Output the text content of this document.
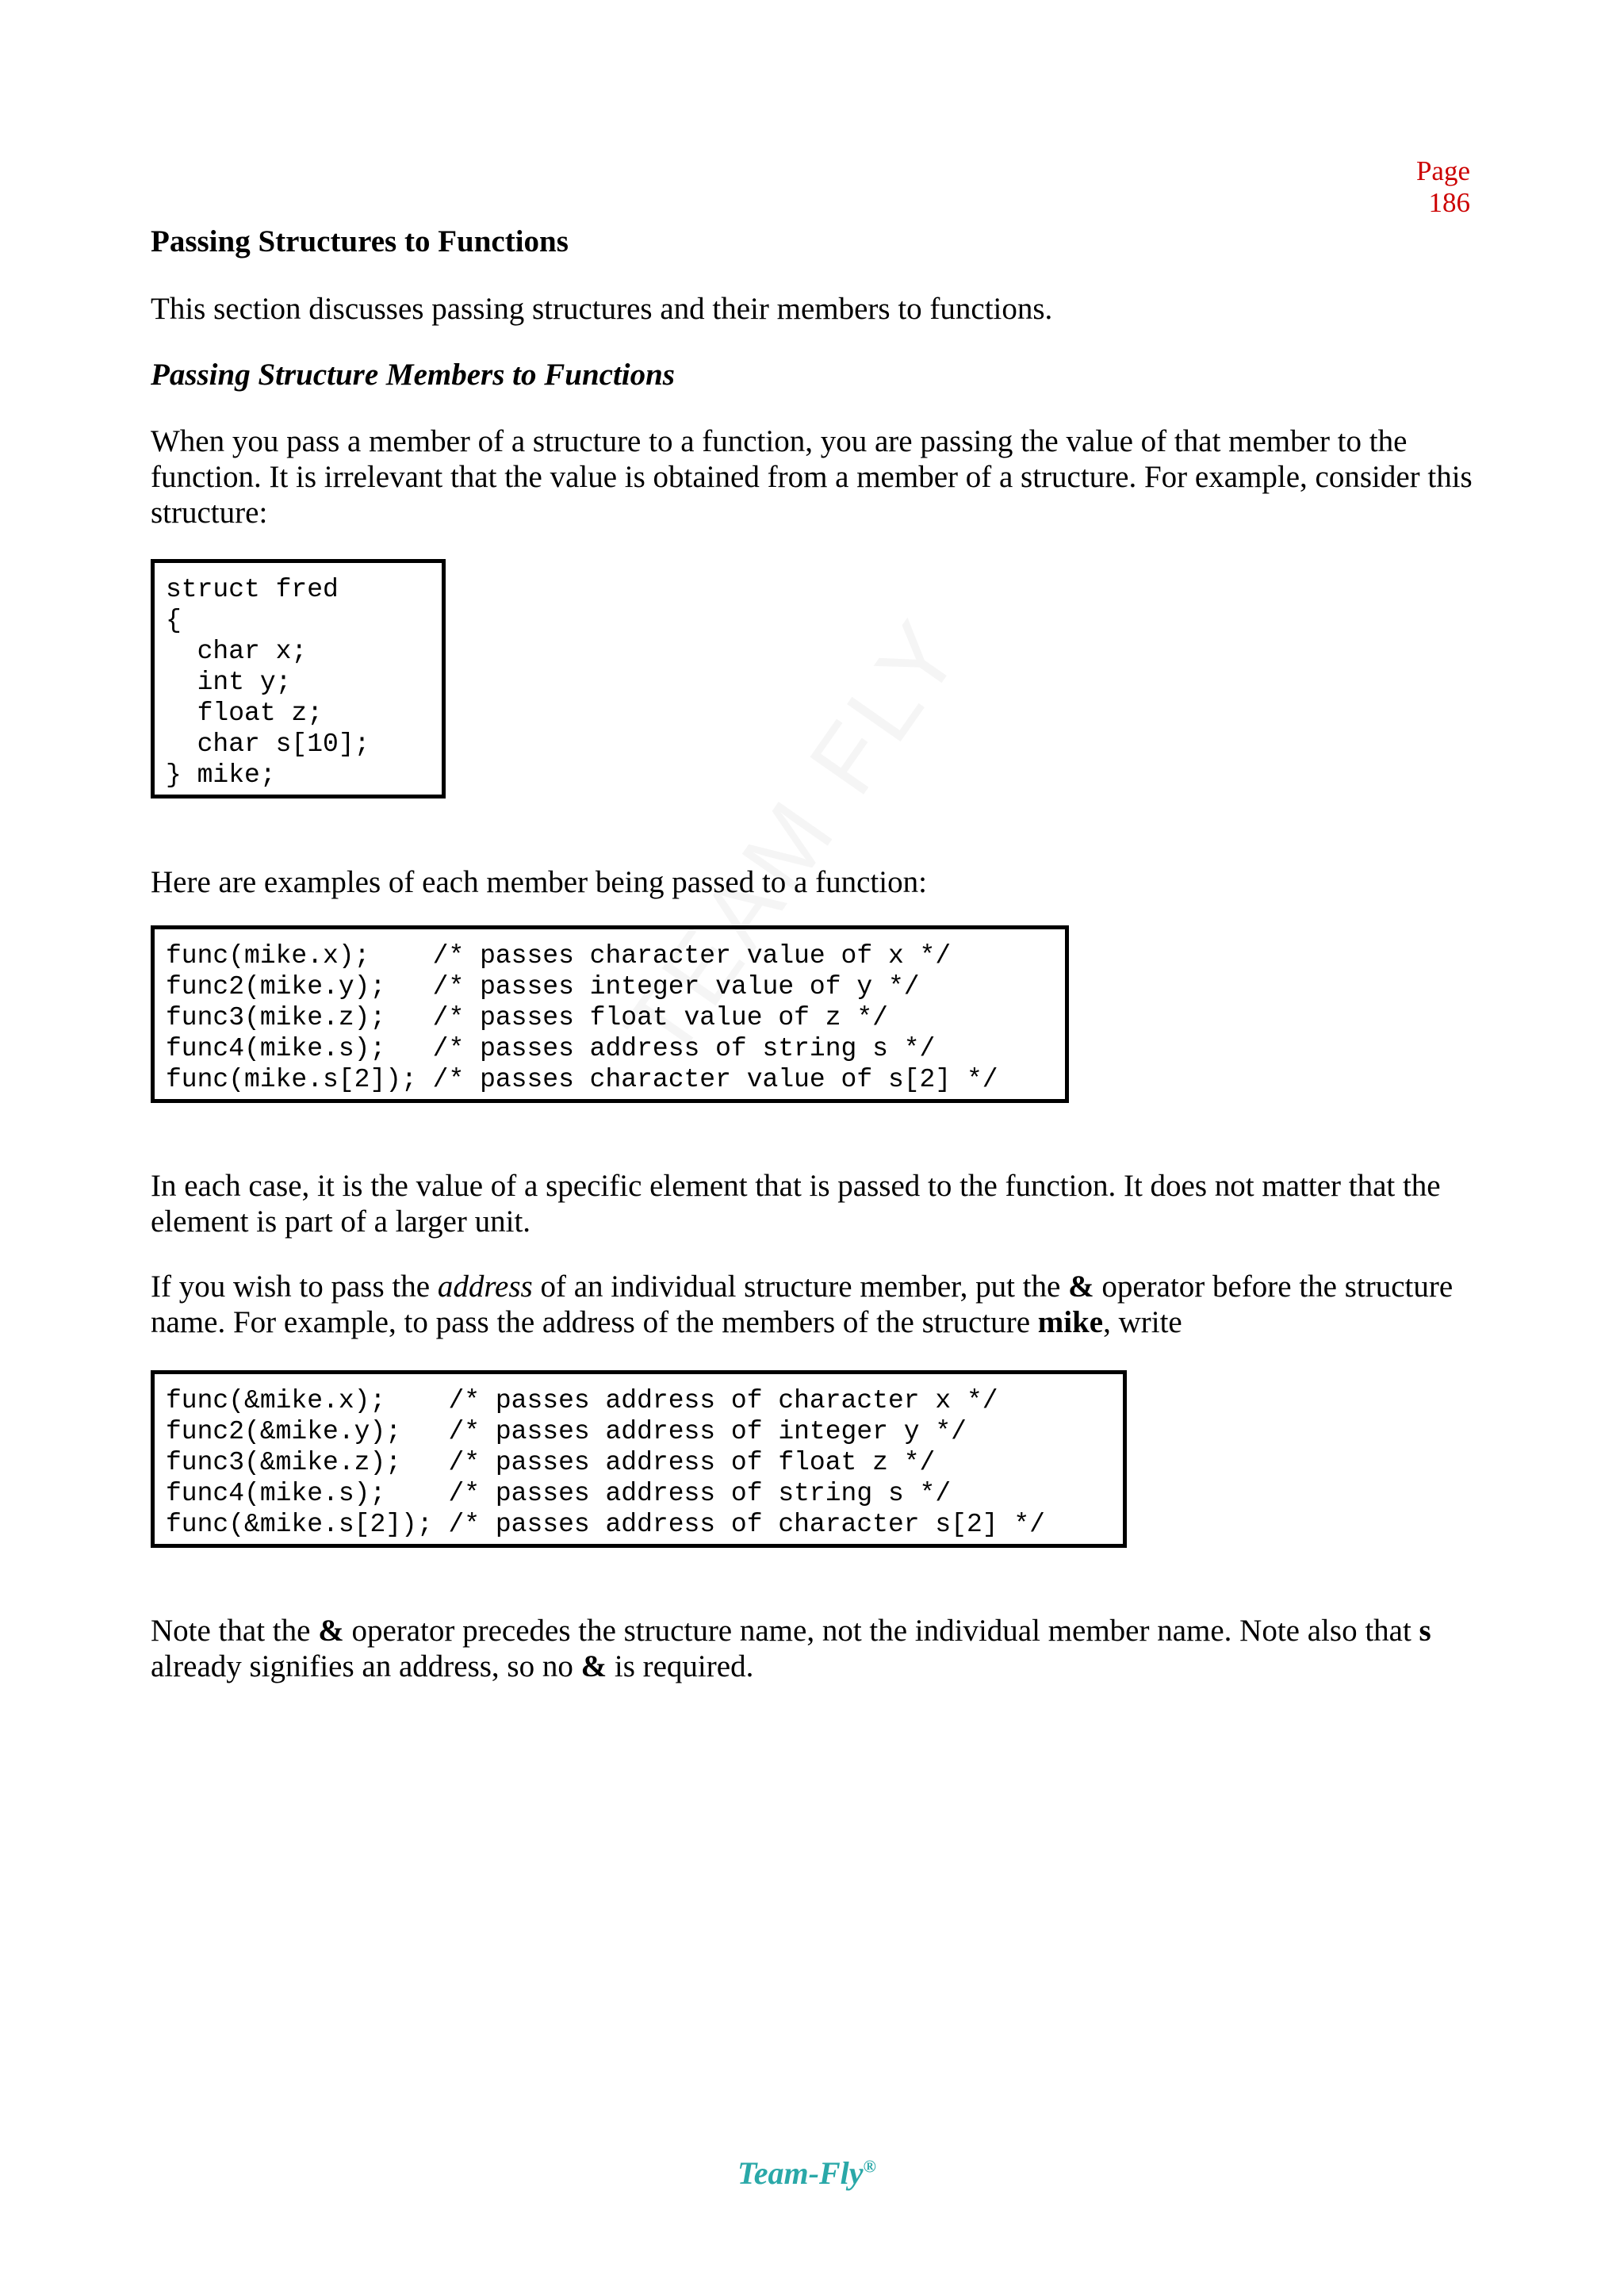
Page 186
Passing Structures to Functions

This section discusses passing structures and their members to functions.

Passing Structure Members to Functions

When you pass a member of a structure to a function, you are passing the value of that member to the function. It is irrelevant that the value is obtained from a member of a structure. For example, consider this structure:

struct fred
{
char x;
int y;
float z;
char s[10];
} mike;

Here are examples of each member being passed to a function:

func(mike.x);    /* passes character value of x */
func2(mike.y);   /* passes integer value of y */
func3(mike.z);   /* passes float value of z */
func4(mike.s);   /* passes address of string s */
func(mike.s[2]); /* passes character value of s[2] */

In each case, it is the value of a specific element that is passed to the function. It does not matter that the element is part of a larger unit.

If you wish to pass the address of an individual structure member, put the & operator before the structure name. For example, to pass the address of the members of the structure mike, write

func(&mike.x);    /* passes address of character x */
func2(&mike.y);   /* passes address of integer y */
func3(&mike.z);   /* passes address of float z */
func4(mike.s);    /* passes address of string s */
func(&mike.s[2]); /* passes address of character s[2] */

Note that the & operator precedes the structure name, not the individual member name. Note also that s already signifies an address, so no & is required.

Team-Fly®
